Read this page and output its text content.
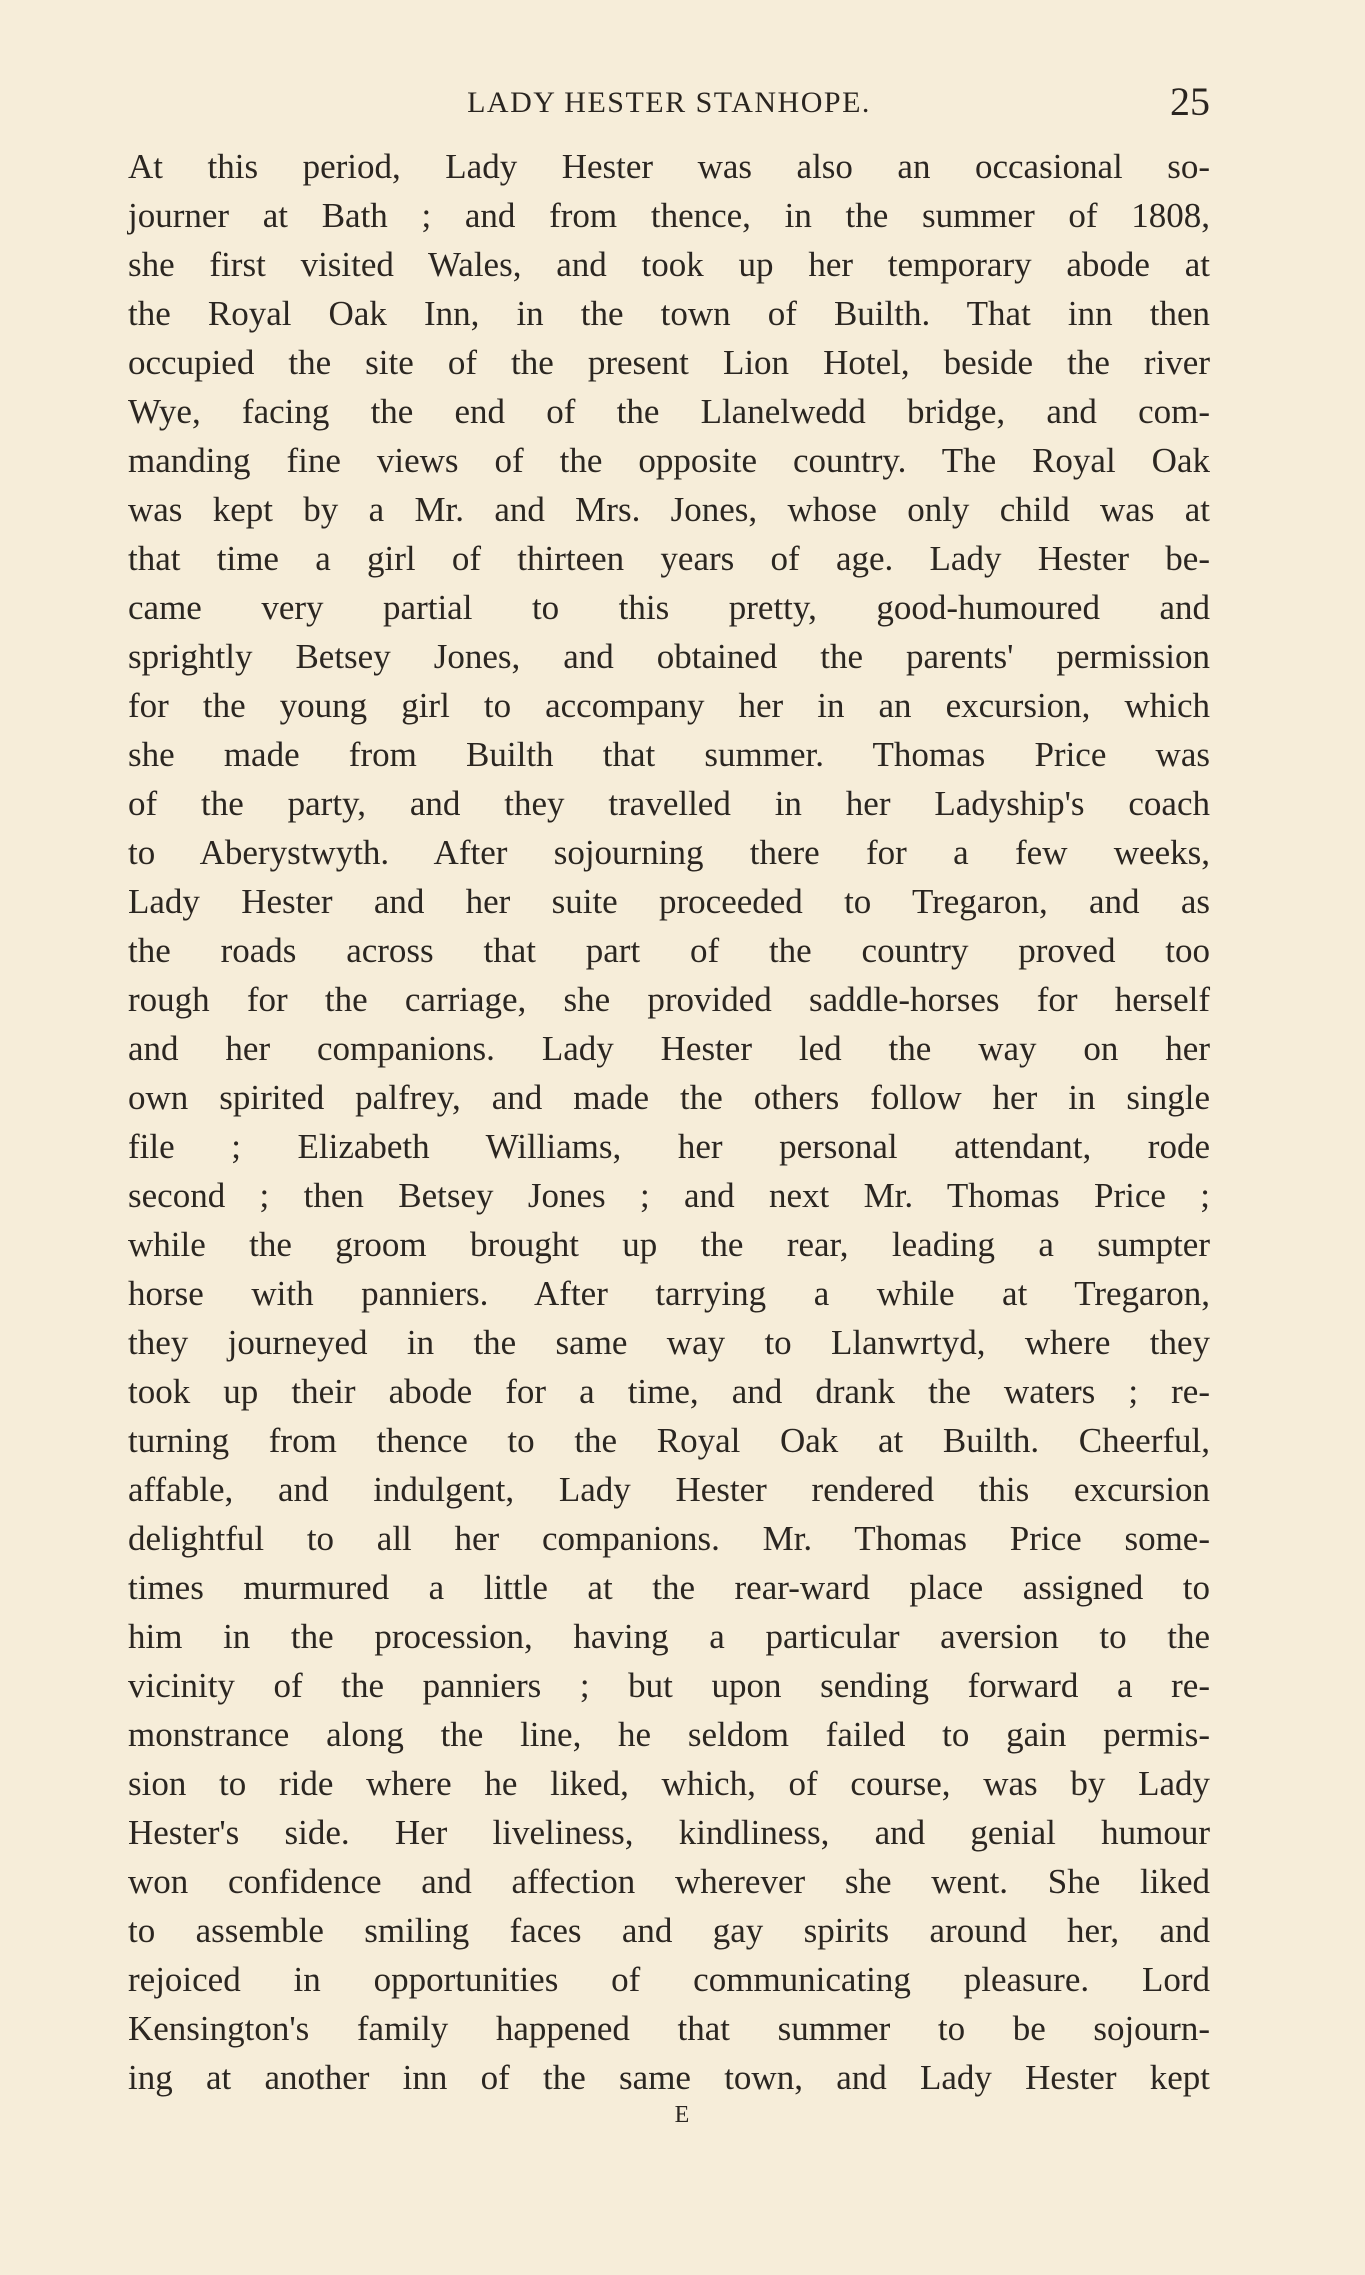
LADY HESTER STANHOPE.	25
At this period, Lady Hester was also an occasional so-
journer at Bath ; and from thence, in the summer of 1808,
she first visited Wales, and took up her temporary abode at
the Royal Oak Inn, in the town of Builth. That inn then
occupied the site of the present Lion Hotel, beside the river
Wye, facing the end of the Llanelwedd bridge, and com-
manding fine views of the opposite country. The Royal Oak
was kept by a Mr. and Mrs. Jones, whose only child was at
that time a girl of thirteen years of age. Lady Hester be-
came very partial to this pretty, good-humoured and
sprightly Betsey Jones, and obtained the parents' permission
for the young girl to accompany her in an excursion, which
she made from Builth that summer. Thomas Price was
of the party, and they travelled in her Ladyship's coach
to Aberystwyth. After sojourning there for a few weeks,
Lady Hester and her suite proceeded to Tregaron, and as
the roads across that part of the country proved too
rough for the carriage, she provided saddle-horses for herself
and her companions. Lady Hester led the way on her
own spirited palfrey, and made the others follow her in single
file ; Elizabeth Williams, her personal attendant, rode
second ; then Betsey Jones ; and next Mr. Thomas Price ;
while the groom brought up the rear, leading a sumpter
horse with panniers. After tarrying a while at Tregaron,
they journeyed in the same way to Llanwrtyd, where they
took up their abode for a time, and drank the waters ; re-
turning from thence to the Royal Oak at Builth. Cheerful,
affable, and indulgent, Lady Hester rendered this excursion
delightful to all her companions. Mr. Thomas Price some-
times murmured a little at the rear-ward place assigned to
him in the procession, having a particular aversion to the
vicinity of the panniers ; but upon sending forward a re-
monstrance along the line, he seldom failed to gain permis-
sion to ride where he liked, which, of course, was by Lady
Hester's side. Her liveliness, kindliness, and genial humour
won confidence and affection wherever she went. She liked
to assemble smiling faces and gay spirits around her, and
rejoiced in opportunities of communicating pleasure. Lord
Kensington's family happened that summer to be sojourn-
ing at another inn of the same town, and Lady Hester kept
E
